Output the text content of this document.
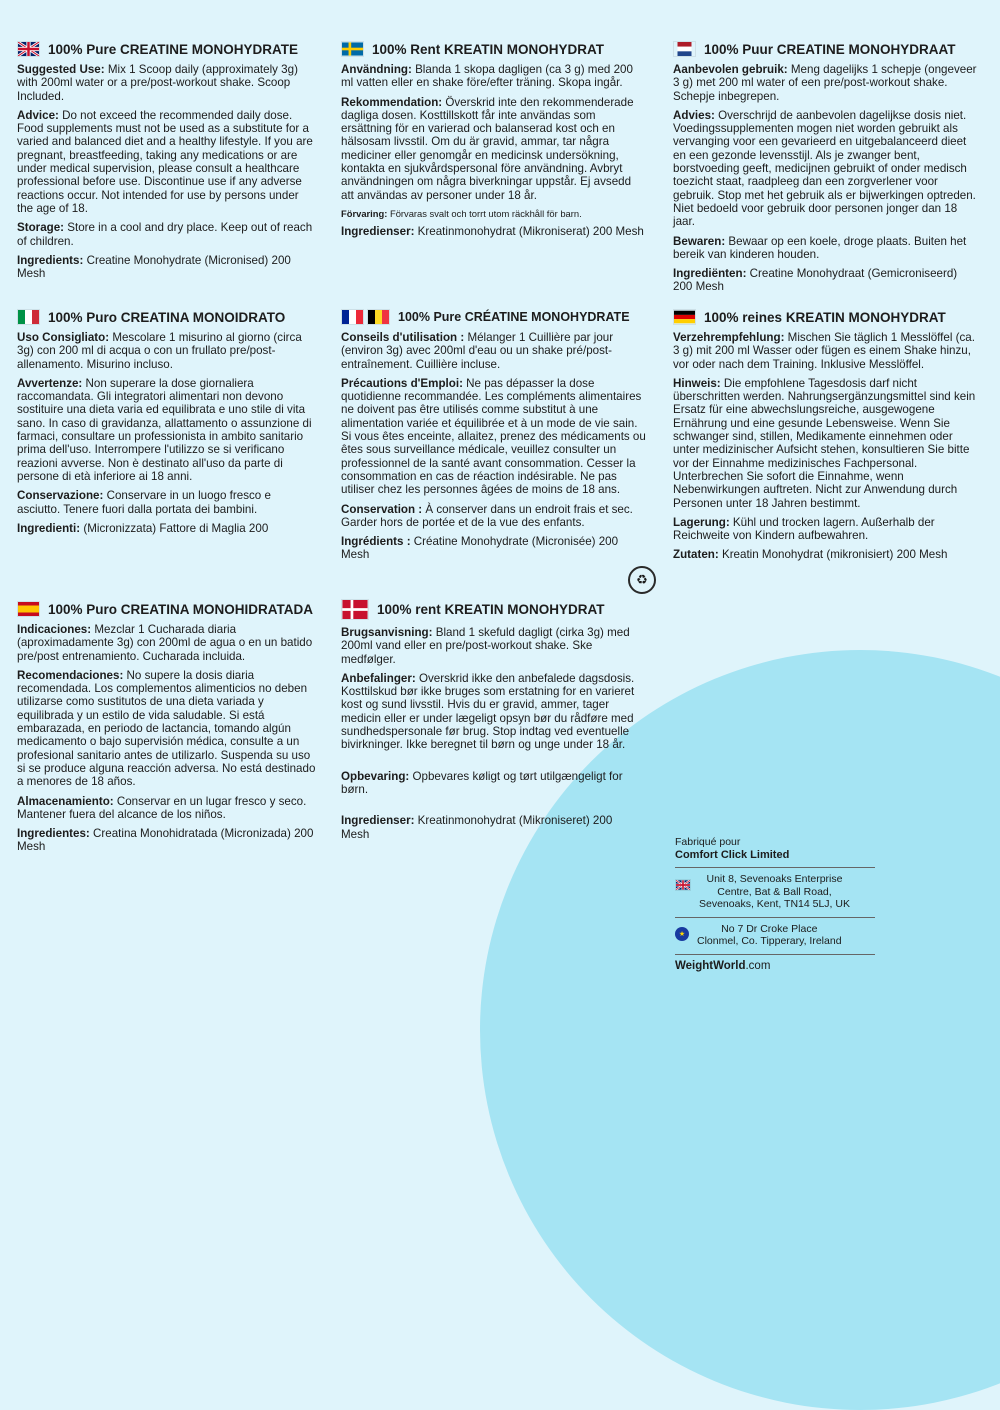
100% Pure CREATINE MONOHYDRATE

Suggested Use: Mix 1 Scoop daily (approximately 3g) with 200ml water or a pre/post-workout shake. Scoop Included.

Advice: Do not exceed the recommended daily dose. Food supplements must not be used as a substitute for a varied and balanced diet and a healthy lifestyle. If you are pregnant, breastfeeding, taking any medications or are under medical supervision, please consult a healthcare professional before use. Discontinue use if any adverse reactions occur. Not intended for use by persons under the age of 18.

Storage: Store in a cool and dry place. Keep out of reach of children.

Ingredients: Creatine Monohydrate (Micronised) 200 Mesh

100% Puro CREATINA MONOIDRATO

Uso Consigliato: Mescolare 1 misurino al giorno (circa 3g) con 200 ml di acqua o con un frullato pre/post-allenamento. Misurino incluso.

Avvertenze: Non superare la dose giornaliera raccomandata. Gli integratori alimentari non devono sostituire una dieta varia ed equilibrata e uno stile di vita sano. In caso di gravidanza, allattamento o assunzione di farmaci, consultare un professionista in ambito sanitario prima dell'uso. Interrompere l'utilizzo se si verificano reazioni avverse. Non è destinato all'uso da parte di persone di età inferiore ai 18 anni.

Conservazione: Conservare in un luogo fresco e asciutto. Tenere fuori dalla portata dei bambini.

Ingredienti: (Micronizzata) Fattore di Maglia 200

100% Puro CREATINA MONOHIDRATADA

Indicaciones: Mezclar 1 Cucharada diaria (aproximadamente 3g) con 200ml de agua o en un batido pre/post entrenamiento. Cucharada incluida.

Recomendaciones: No supere la dosis diaria recomendada. Los complementos alimenticios no deben utilizarse como sustitutos de una dieta variada y equilibrada y un estilo de vida saludable. Si está embarazada, en periodo de lactancia, tomando algún medicamento o bajo supervisión médica, consulte a un profesional sanitario antes de utilizarlo. Suspenda su uso si se produce alguna reacción adversa. No está destinado a menores de 18 años.

Almacenamiento: Conservar en un lugar fresco y seco. Mantener fuera del alcance de los niños.

Ingredientes: Creatina Monohidratada (Micronizada) 200 Mesh

100% Rent KREATIN MONOHYDRAT

Användning: Blanda 1 skopa dagligen (ca 3 g) med 200 ml vatten eller en shake före/efter träning. Skopa ingår.

Rekommendation: Överskrid inte den rekommenderade dagliga dosen. Kosttillskott får inte användas som ersättning för en varierad och balanserad kost och en hälsosam livsstil. Om du är gravid, ammar, tar några mediciner eller genomgår en medicinsk undersökning, kontakta en sjukvårdspersonal före användning. Avbryt användningen om några biverkningar uppstår. Ej avsedd att användas av personer under 18 år.

Förvaring: Förvaras svalt och torrt utom räckhåll för barn.

Ingredienser: Kreatinmonohydrat (Mikroniserat) 200 Mesh

100% Pure CRÉATINE MONOHYDRATE

Conseils d'utilisation : Mélanger 1 Cuillière par jour (environ 3g) avec 200ml d'eau ou un shake pré/post-entraînement. Cuillière incluse.

Précautions d'Emploi: Ne pas dépasser la dose quotidienne recommandée. Les compléments alimentaires ne doivent pas être utilisés comme substitut à une alimentation variée et équilibrée et à un mode de vie sain. Si vous êtes enceinte, allaitez, prenez des médicaments ou êtes sous surveillance médicale, veuillez consulter un professionnel de la santé avant consommation. Cesser la consommation en cas de réaction indésirable. Ne pas utiliser chez les personnes âgées de moins de 18 ans.

Conservation : À conserver dans un endroit frais et sec. Garder hors de portée et de la vue des enfants.

Ingrédients : Créatine Monohydrate (Micronisée) 200 Mesh

♻
100% rent KREATIN MONOHYDRAT

Brugsanvisning: Bland 1 skefuld dagligt (cirka 3g) med 200ml vand eller en pre/post-workout shake. Ske medfølger.

Anbefalinger: Overskrid ikke den anbefalede dagsdosis. Kosttilskud bør ikke bruges som erstatning for en varieret kost og sund livsstil. Hvis du er gravid, ammer, tager medicin eller er under lægeligt opsyn bør du rådføre med sundhedspersonale før brug. Stop indtag ved eventuelle bivirkninger. Ikke beregnet til børn og unge under 18 år.

Opbevaring: Opbevares køligt og tørt utilgængeligt for børn.

Ingredienser: Kreatinmonohydrat (Mikroniseret) 200 Mesh

100% Puur CREATINE MONOHYDRAAT

Aanbevolen gebruik: Meng dagelijks 1 schepje (ongeveer 3 g) met 200 ml water of een pre/post-workout shake. Schepje inbegrepen.

Advies: Overschrijd de aanbevolen dagelijkse dosis niet. Voedingssupplementen mogen niet worden gebruikt als vervanging voor een gevarieerd en uitgebalanceerd dieet en een gezonde levensstijl. Als je zwanger bent, borstvoeding geeft, medicijnen gebruikt of onder medisch toezicht staat, raadpleeg dan een zorgverlener voor gebruik. Stop met het gebruik als er bijwerkingen optreden. Niet bedoeld voor gebruik door personen jonger dan 18 jaar.

Bewaren: Bewaar op een koele, droge plaats. Buiten het bereik van kinderen houden.

Ingrediënten: Creatine Monohydraat (Gemicroniseerd) 200 Mesh

100% reines KREATIN MONOHYDRAT

Verzehrempfehlung: Mischen Sie täglich 1 Messlöffel (ca. 3 g) mit 200 ml Wasser oder fügen es einem Shake hinzu, vor oder nach dem Training. Inklusive Messlöffel.

Hinweis: Die empfohlene Tagesdosis darf nicht überschritten werden. Nahrungsergänzungsmittel sind kein Ersatz für eine abwechslungsreiche, ausgewogene Ernährung und eine gesunde Lebensweise. Wenn Sie schwanger sind, stillen, Medikamente einnehmen oder unter medizinischer Aufsicht stehen, konsultieren Sie bitte vor der Einnahme medizinisches Fachpersonal. Unterbrechen Sie sofort die Einnahme, wenn Nebenwirkungen auftreten. Nicht zur Anwendung durch Personen unter 18 Jahren bestimmt.

Lagerung: Kühl und trocken lagern. Außerhalb der Reichweite von Kindern aufbewahren.

Zutaten: Kreatin Monohydrat (mikronisiert) 200 Mesh

Fabriqué pour
Comfort Click Limited
Unit 8, Sevenoaks Enterprise
Centre, Bat & Ball Road,
Sevenoaks, Kent, TN14 5LJ, UK
★	No 7 Dr Croke Place
Clonmel, Co. Tipperary, Ireland
WeightWorld.com
